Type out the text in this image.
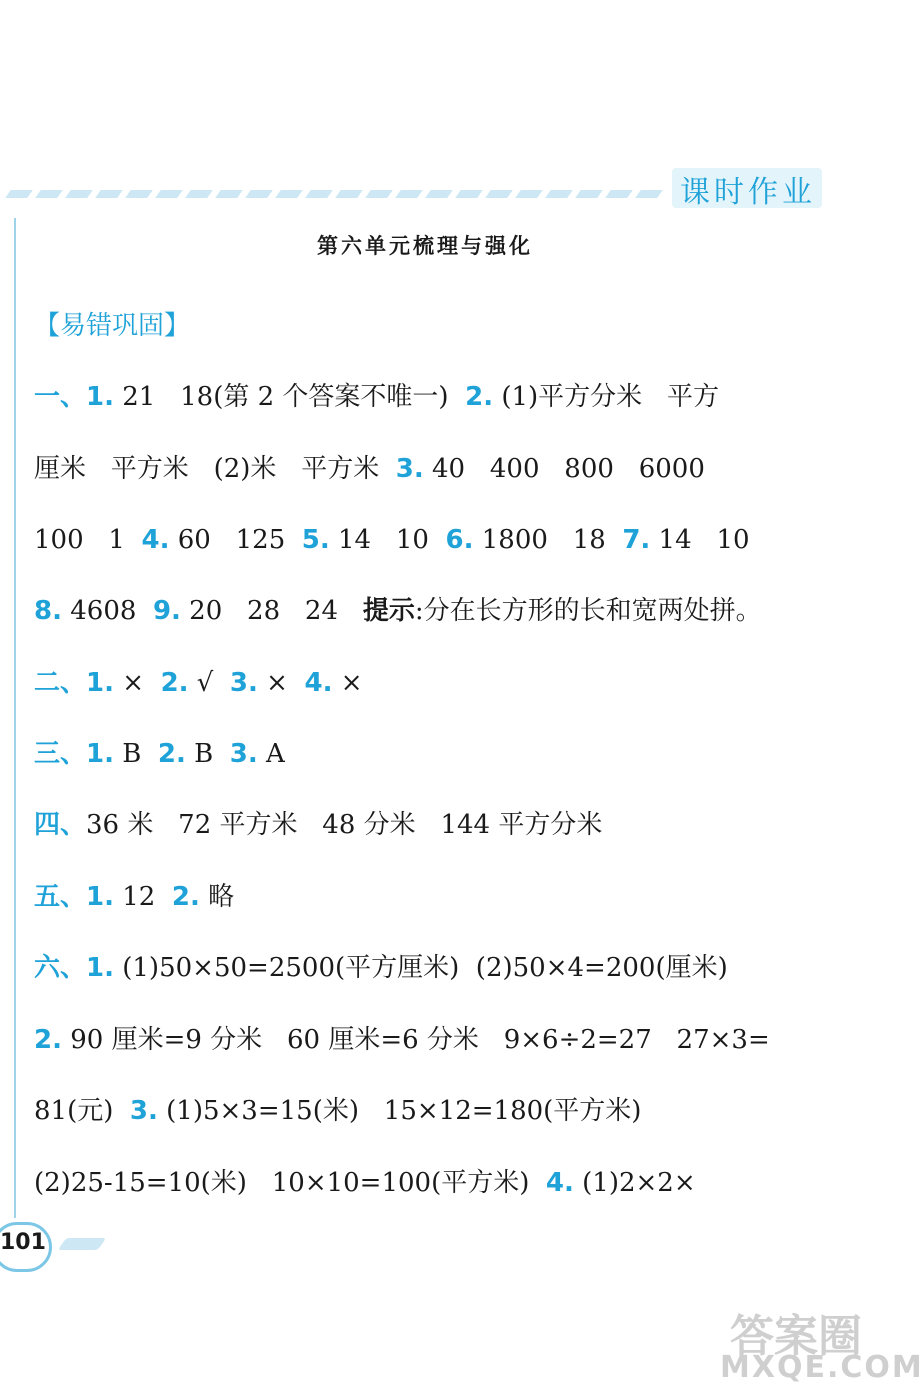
课时作业
第六单元梳理与强化
【易错巩固】
一、1. 21   18(第 2 个答案不唯一)  2. (1)平方分米   平方
厘米   平方米   (2)米   平方米  3. 40   400   800   6000
100   1  4. 60   125  5. 14   10  6. 1800   18  7. 14   10
8. 4608  9. 20   28   24   提示:分在长方形的长和宽两处拼。
二、1. ×  2. √  3. ×  4. ×
三、1. B  2. B  3. A
四、36 米   72 平方米   48 分米   144 平方分米
五、1. 12  2. 略
六、1. (1)50×50=2500(平方厘米)  (2)50×4=200(厘米)
2. 90 厘米=9 分米   60 厘米=6 分米   9×6÷2=27   27×3=
81(元)  3. (1)5×3=15(米)   15×12=180(平方米)
(2)25-15=10(米)   10×10=100(平方米)  4. (1)2×2×
101
答案圈
MXQE.COM
